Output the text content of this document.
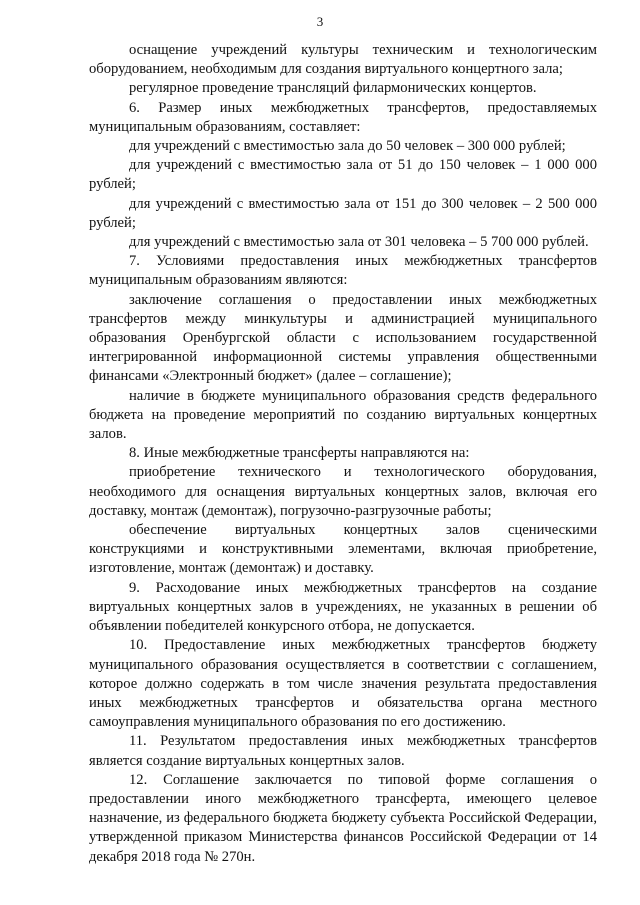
3

оснащение учреждений культуры техническим и технологическим оборудованием, необходимым для создания виртуального концертного зала;

регулярное проведение трансляций филармонических концертов.

6. Размер иных межбюджетных трансфертов, предоставляемых муниципальным образованиям, составляет:

для учреждений с вместимостью зала до 50 человек – 300 000 рублей;

для учреждений с вместимостью зала от 51 до 150 человек – 1 000 000 рублей;

для учреждений с вместимостью зала от 151 до 300 человек – 2 500 000 рублей;

для учреждений с вместимостью зала от 301 человека – 5 700 000 рублей.

7. Условиями предоставления иных межбюджетных трансфертов муниципальным образованиям являются:

заключение соглашения о предоставлении иных межбюджетных трансфертов между минкультуры и администрацией муниципального образования Оренбургской области с использованием государственной интегрированной информационной системы управления общественными финансами «Электронный бюджет» (далее – соглашение);

наличие в бюджете муниципального образования средств федерального бюджета на проведение мероприятий по созданию виртуальных концертных залов.

8. Иные межбюджетные трансферты направляются на:

приобретение технического и технологического оборудования, необходимого для оснащения виртуальных концертных залов, включая его доставку, монтаж (демонтаж), погрузочно-разгрузочные работы;

обеспечение виртуальных концертных залов сценическими конструкциями и конструктивными элементами, включая приобретение, изготовление, монтаж (демонтаж) и доставку.

9. Расходование иных межбюджетных трансфертов на создание виртуальных концертных залов в учреждениях, не указанных в решении об объявлении победителей конкурсного отбора, не допускается.

10. Предоставление иных межбюджетных трансфертов бюджету муниципального образования осуществляется в соответствии с соглашением, которое должно содержать в том числе значения результата предоставления иных межбюджетных трансфертов и обязательства органа местного самоуправления муниципального образования по его достижению.

11. Результатом предоставления иных межбюджетных трансфертов является создание виртуальных концертных залов.

12. Соглашение заключается по типовой форме соглашения о предоставлении иного межбюджетного трансферта, имеющего целевое назначение, из федерального бюджета бюджету субъекта Российской Федерации, утвержденной приказом Министерства финансов Российской Федерации от 14 декабря 2018 года № 270н.
